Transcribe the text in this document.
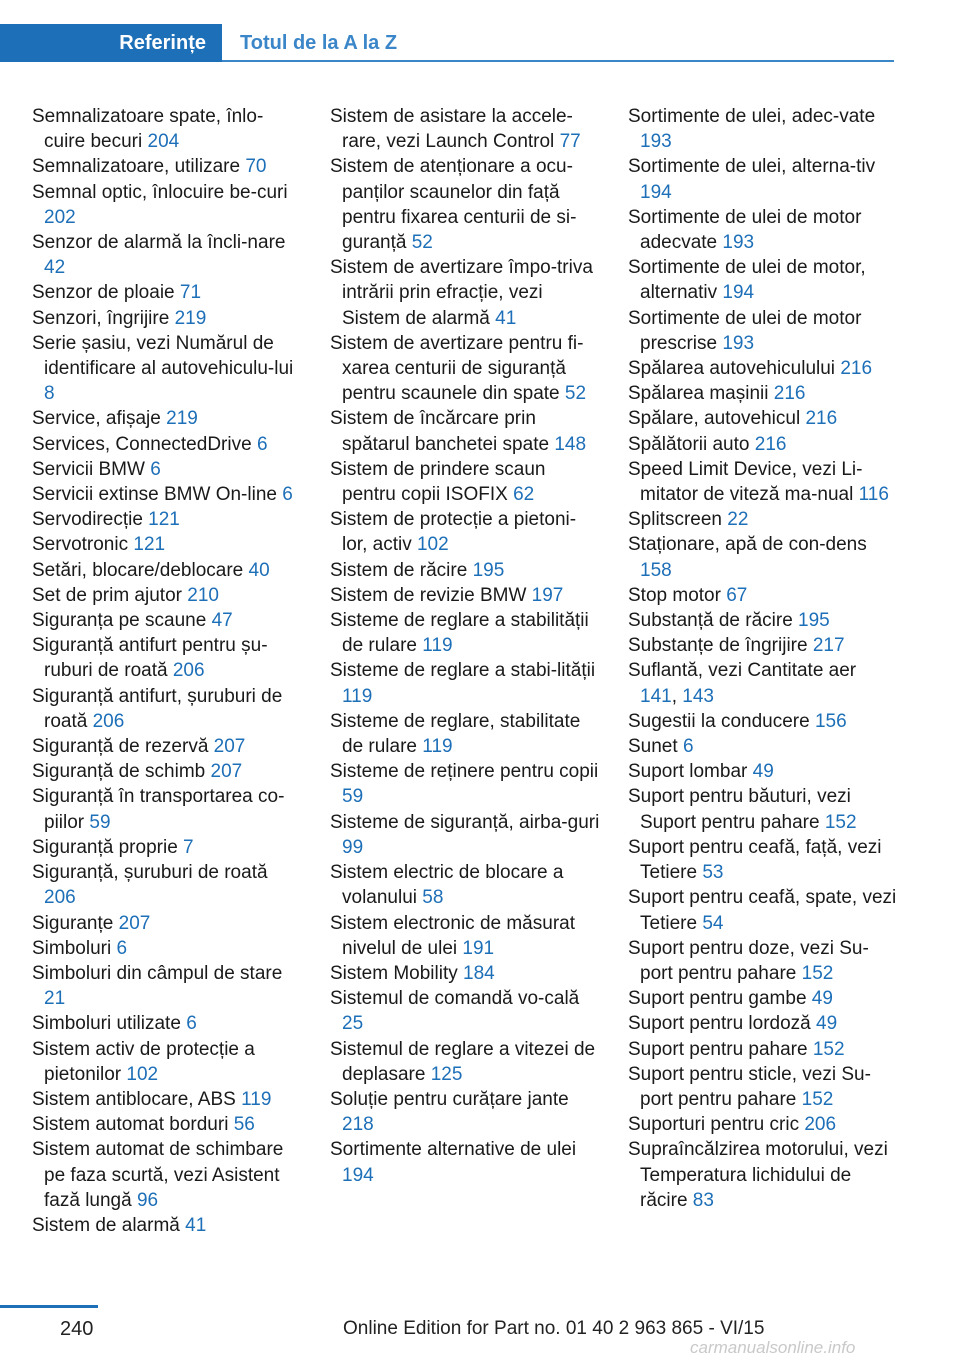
Referințe	Totul de la A la Z
Semnalizatoare spate, înlo-cuire becuri 204
Semnalizatoare, utilizare 70
Semnal optic, înlocuire be-curi 202
Senzor de alarmă la încli-nare 42
Senzor de ploaie 71
Senzori, îngrijire 219
Serie șasiu, vezi Numărul de identificare al autovehiculu-lui 8
Service, afișaje 219
Services, ConnectedDrive 6
Servicii BMW 6
Servicii extinse BMW On-line 6
Servodirecție 121
Servotronic 121
Setări, blocare/deblocare 40
Set de prim ajutor 210
Siguranța pe scaune 47
Siguranță antifurt pentru șu-ruburi de roată 206
Siguranță antifurt, șuruburi de roată 206
Siguranță de rezervă 207
Siguranță de schimb 207
Siguranță în transportarea co-piilor 59
Siguranță proprie 7
Siguranță, șuruburi de roată 206
Siguranțe 207
Simboluri 6
Simboluri din câmpul de stare 21
Simboluri utilizate 6
Sistem activ de protecție a pietonilor 102
Sistem antiblocare, ABS 119
Sistem automat borduri 56
Sistem automat de schimbare pe faza scurtă, vezi Asistent fază lungă 96
Sistem de alarmă 41
Sistem de asistare la accele-rare, vezi Launch Control 77
Sistem de atenționare a ocu-panților scaunelor din față pentru fixarea centurii de si-guranță 52
Sistem de avertizare împo-triva intrării prin efracție, vezi Sistem de alarmă 41
Sistem de avertizare pentru fi-xarea centurii de siguranță pentru scaunele din spate 52
Sistem de încărcare prin spătarul banchetei spate 148
Sistem de prindere scaun pentru copii ISOFIX 62
Sistem de protecție a pietoni-lor, activ 102
Sistem de răcire 195
Sistem de revizie BMW 197
Sisteme de reglare a stabilității de rulare 119
Sisteme de reglare a stabi-lității 119
Sisteme de reglare, stabilitate de rulare 119
Sisteme de reținere pentru copii 59
Sisteme de siguranță, airba-guri 99
Sistem electric de blocare a volanului 58
Sistem electronic de măsurat nivelul de ulei 191
Sistem Mobility 184
Sistemul de comandă vo-cală 25
Sistemul de reglare a vitezei de deplasare 125
Soluție pentru curățare jante 218
Sortimente alternative de ulei 194
Sortimente de ulei, adec-vate 193
Sortimente de ulei, alterna-tiv 194
Sortimente de ulei de motor adecvate 193
Sortimente de ulei de motor, alternativ 194
Sortimente de ulei de motor prescrise 193
Spălarea autovehiculului 216
Spălarea mașinii 216
Spălare, autovehicul 216
Spălătorii auto 216
Speed Limit Device, vezi Li-mitator de viteză ma-nual 116
Splitscreen 22
Staționare, apă de con-dens 158
Stop motor 67
Substanță de răcire 195
Substanțe de îngrijire 217
Suflantă, vezi Cantitate aer 141, 143
Sugestii la conducere 156
Sunet 6
Suport lombar 49
Suport pentru băuturi, vezi Suport pentru pahare 152
Suport pentru ceafă, față, vezi Tetiere 53
Suport pentru ceafă, spate, vezi Tetiere 54
Suport pentru doze, vezi Su-port pentru pahare 152
Suport pentru gambe 49
Suport pentru lordoză 49
Suport pentru pahare 152
Suport pentru sticle, vezi Su-port pentru pahare 152
Suporturi pentru cric 206
Supraîncălzirea motorului, vezi Temperatura lichidului de răcire 83
240	Online Edition for Part no. 01 40 2 963 865 - VI/15
carmanualsonline.info
